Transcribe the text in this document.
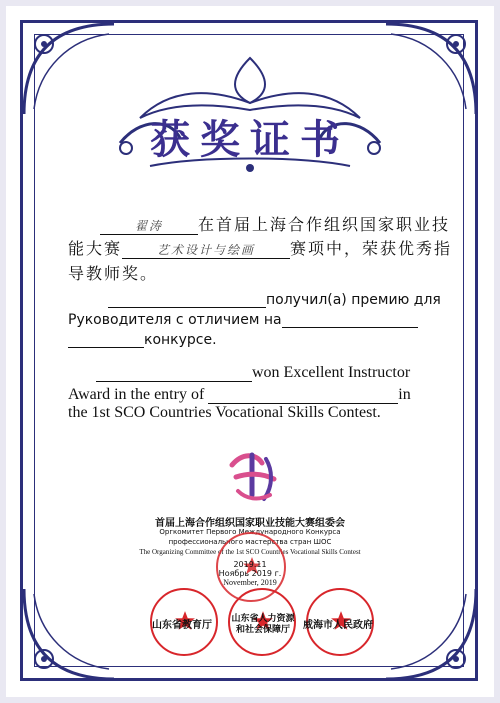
获奖证书
翟涛 在首届上海合作组织国家职业技
能大赛	艺术设计与绘画 赛项中，荣获优秀指
导教师奖。
получил(а) премию для
Руководителя с отличием на
конкурсе.
won Excellent Instructor
Award in the entry of	in
the 1st SCO Countries Vocational Skills Contest.
首届上海合作组织国家职业技能大赛组委会
Оргкомитет Первого Международного Конкурса
профессионального мастерства стран ШОС
The Organizing Committee of the 1st SCO Countries Vocational Skills Contest
2019.11
Ноябрь 2019 г.
November, 2019
山东省教育厅
山东省人力资源和社会保障厅	威海市人民政府
